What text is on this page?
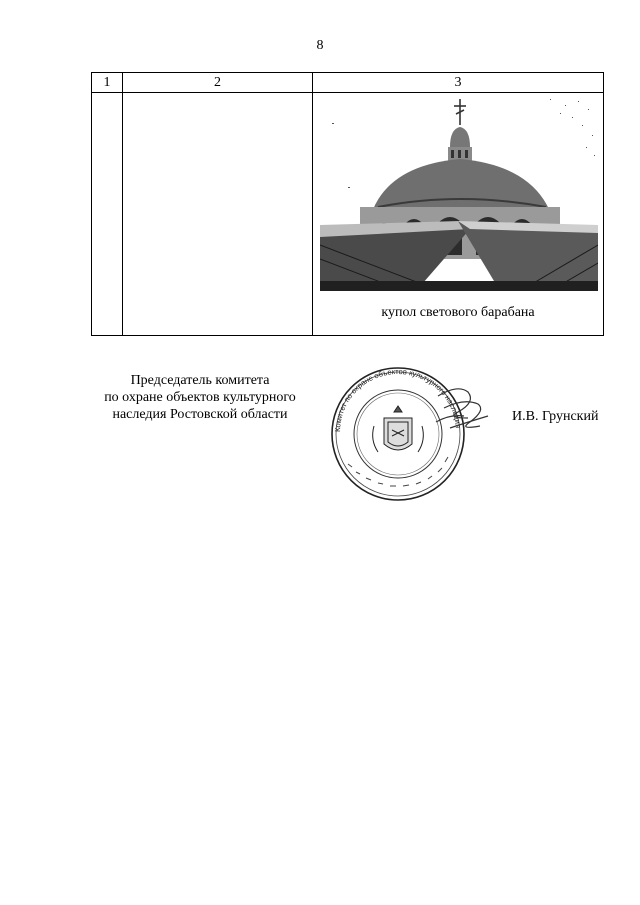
8
1	2	3

		купол светового барабана
Председатель комитета
по охране объектов культурного
наследия Ростовской области
Комитет по охране объектов культурного наследия
И.В. Грунский
